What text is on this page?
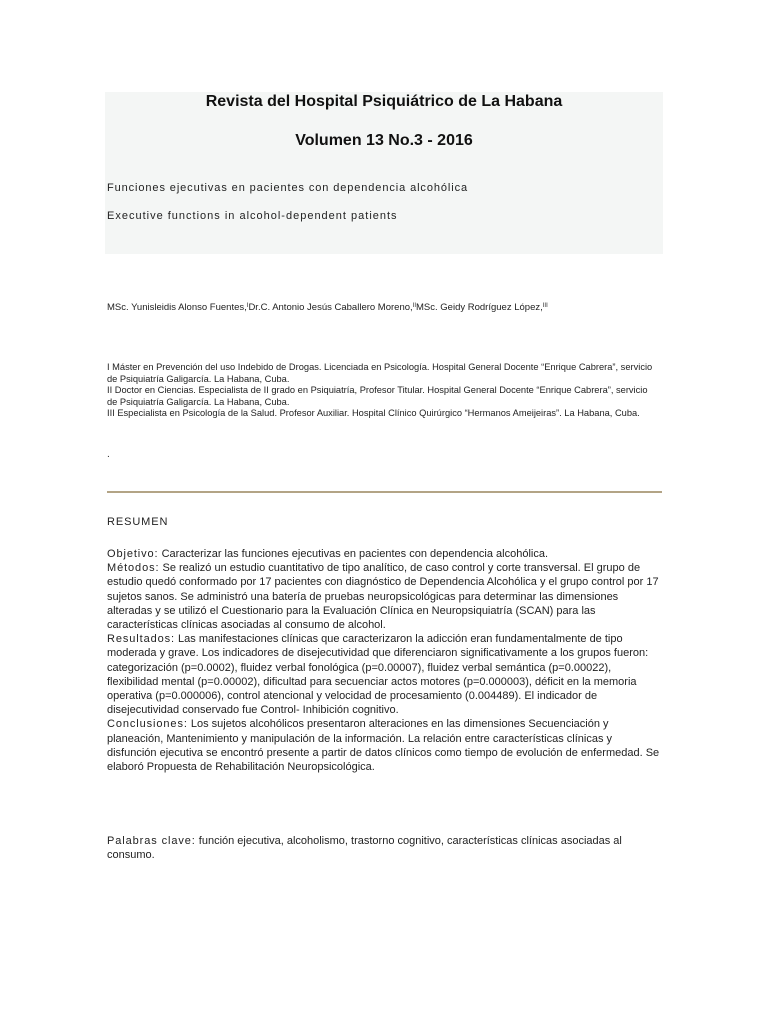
Revista del Hospital Psiquiátrico de La Habana
Volumen 13 No.3 - 2016

Funciones ejecutivas en pacientes con dependencia alcohólica

Executive functions in alcohol-dependent patients

MSc. Yunisleidis Alonso Fuentes,$^I$Dr.C. Antonio Jesús Caballero Moreno,$^{II}$MSc. Geidy Rodríguez López,$^{III}$

I Máster en Prevención del uso Indebido de Drogas. Licenciada en Psicología. Hospital General Docente “Enrique Cabrera”, servicio de Psiquiatría Galigarcía. La Habana, Cuba.

II Doctor en Ciencias. Especialista de II grado en Psiquiatría, Profesor Titular. Hospital General Docente “Enrique Cabrera”, servicio de Psiquiatría Galigarcía. La Habana, Cuba.

III Especialista en Psicología de la Salud. Profesor Auxiliar. Hospital Clínico Quirúrgico “Hermanos Ameijeiras”. La Habana, Cuba.

.

RESUMEN

Objetivo: Caracterizar las funciones ejecutivas en pacientes con dependencia alcohólica.

Métodos: Se realizó un estudio cuantitativo de tipo analítico, de caso control y corte transversal. El grupo de estudio quedó conformado por 17 pacientes con diagnóstico de Dependencia Alcohólica y el grupo control por 17 sujetos sanos. Se administró una batería de pruebas neuropsicológicas para determinar las dimensiones alteradas y se utilizó el Cuestionario para la Evaluación Clínica en Neuropsiquiatría (SCAN) para las características clínicas asociadas al consumo de alcohol.

Resultados: Las manifestaciones clínicas que caracterizaron la adicción eran fundamentalmente de tipo moderada y grave. Los indicadores de disejecutividad que diferenciaron significativamente a los grupos fueron: categorización (p=0.0002), fluidez verbal fonológica (p=0.00007), fluidez verbal semántica (p=0.00022), flexibilidad mental (p=0.00002), dificultad para secuenciar actos motores (p=0.000003), déficit en la memoria operativa (p=0.000006), control atencional y velocidad de procesamiento (0.004489). El indicador de disejecutividad conservado fue Control- Inhibición cognitivo.

Conclusiones: Los sujetos alcohólicos presentaron alteraciones en las dimensiones Secuenciación y planeación, Mantenimiento y manipulación de la información. La relación entre características clínicas y disfunción ejecutiva se encontró presente a partir de datos clínicos como tiempo de evolución de enfermedad. Se elaboró Propuesta de Rehabilitación Neuropsicológica.

Palabras clave: función ejecutiva, alcoholismo, trastorno cognitivo, características clínicas asociadas al consumo.
